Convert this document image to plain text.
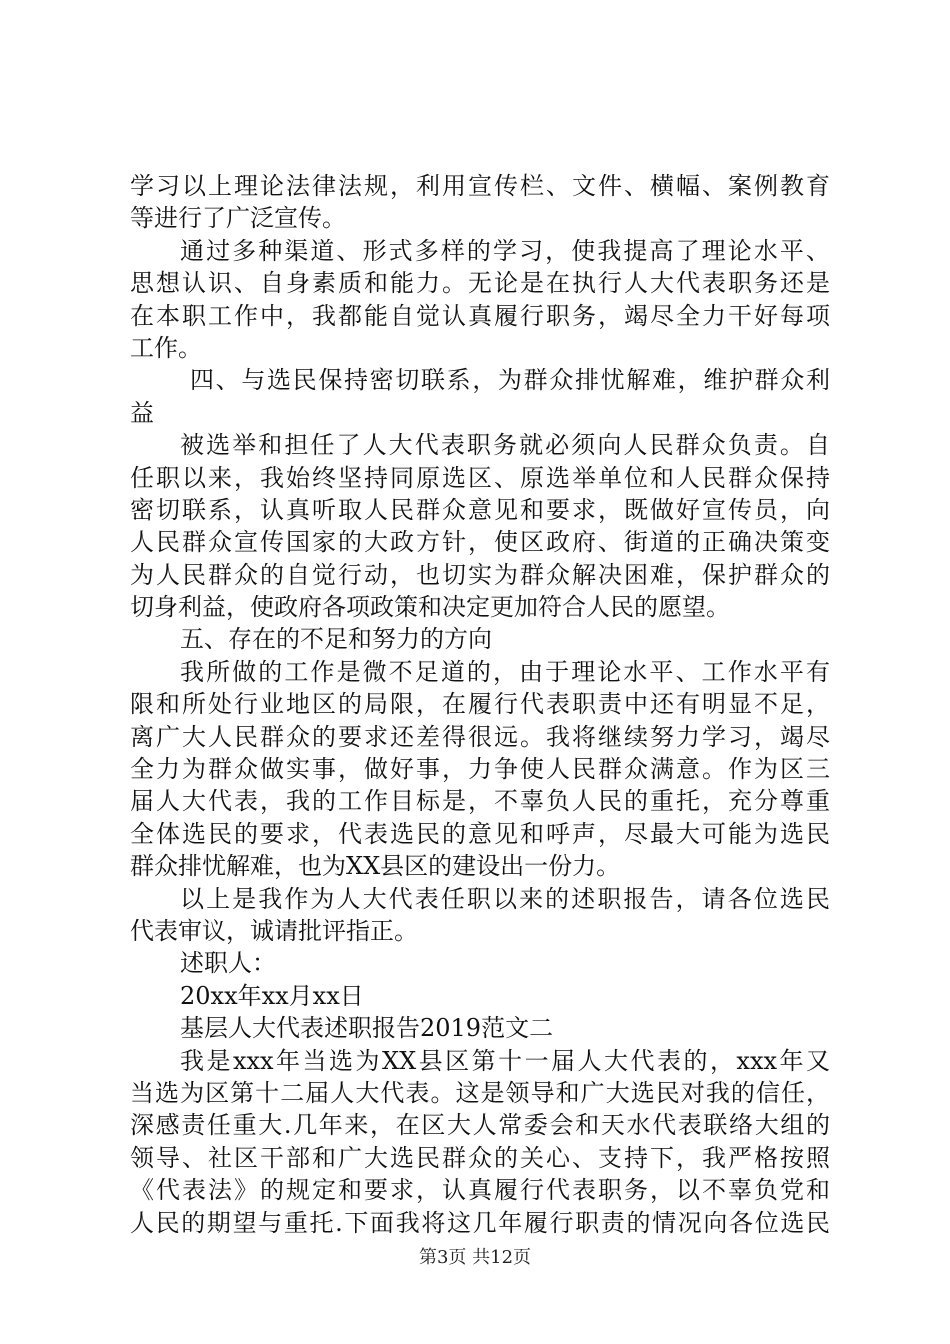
学习以上理论法律法规，利用宣传栏、文件、横幅、案例教育
等进行了广泛宣传。
通过多种渠道、形式多样的学习，使我提高了理论水平、
思想认识、自身素质和能力。无论是在执行人大代表职务还是
在本职工作中，我都能自觉认真履行职务，竭尽全力干好每项
工作。
四、与选民保持密切联系，为群众排忧解难，维护群众利
益
被选举和担任了人大代表职务就必须向人民群众负责。自
任职以来，我始终坚持同原选区、原选举单位和人民群众保持
密切联系，认真听取人民群众意见和要求，既做好宣传员，向
人民群众宣传国家的大政方针，使区政府、街道的正确决策变
为人民群众的自觉行动，也切实为群众解决困难，保护群众的
切身利益，使政府各项政策和决定更加符合人民的愿望。
五、存在的不足和努力的方向
我所做的工作是微不足道的，由于理论水平、工作水平有
限和所处行业地区的局限，在履行代表职责中还有明显不足，
离广大人民群众的要求还差得很远。我将继续努力学习，竭尽
全力为群众做实事，做好事，力争使人民群众满意。作为区三
届人大代表，我的工作目标是，不辜负人民的重托，充分尊重
全体选民的要求，代表选民的意见和呼声，尽最大可能为选民
群众排忧解难，也为XX县区的建设出一份力。
以上是我作为人大代表任职以来的述职报告，请各位选民
代表审议，诚请批评指正。
述职人：
20xx年xx月xx日
基层人大代表述职报告2019范文二
我是xxx年当选为XX县区第十一届人大代表的，xxx年又
当选为区第十二届人大代表。这是领导和广大选民对我的信任，
深感责任重大.几年来，在区大人常委会和天水代表联络大组的
领导、社区干部和广大选民群众的关心、支持下，我严格按照
《代表法》的规定和要求，认真履行代表职务，以不辜负党和
人民的期望与重托.下面我将这几年履行职责的情况向各位选民
第3页 共12页
